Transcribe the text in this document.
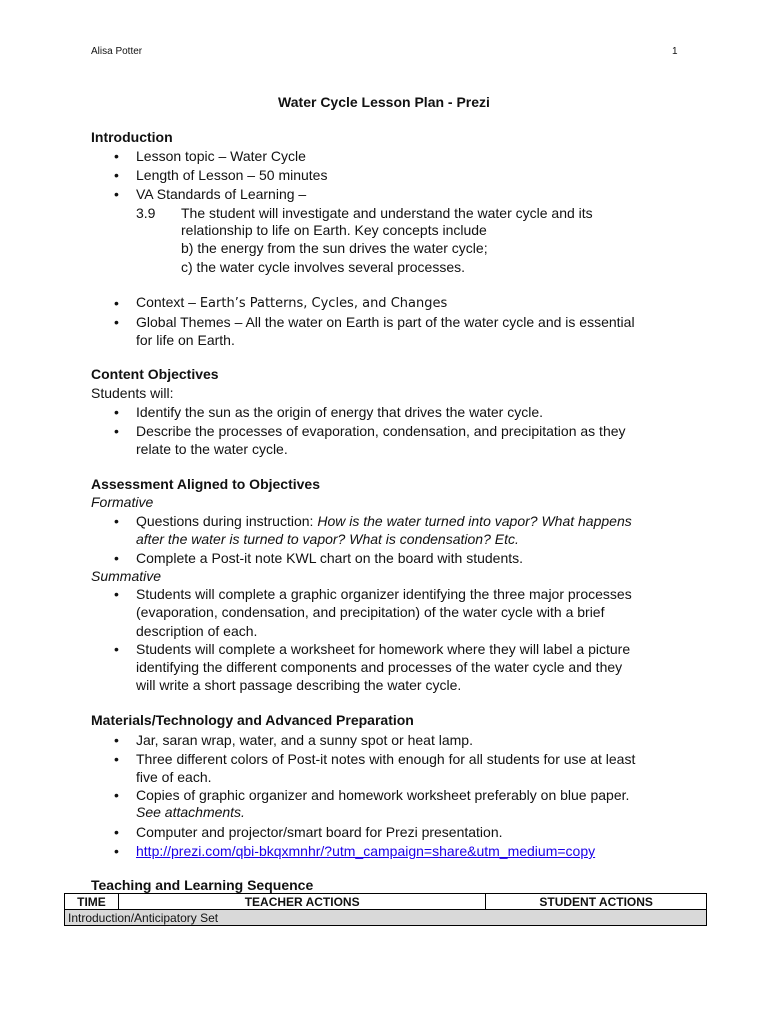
Alisa Potter	1
Water Cycle Lesson Plan - Prezi
Introduction
• Lesson topic – Water Cycle
• Length of Lesson – 50 minutes
• VA Standards of Learning –
3.9 The student will investigate and understand the water cycle and its
relationship to life on Earth. Key concepts include
b) the energy from the sun drives the water cycle;
c) the water cycle involves several processes.
• Context – Earth’s Patterns, Cycles, and Changes
• Global Themes – All the water on Earth is part of the water cycle and is essential
for life on Earth.
Content Objectives
Students will:
• Identify the sun as the origin of energy that drives the water cycle.
• Describe the processes of evaporation, condensation, and precipitation as they
relate to the water cycle.
Assessment Aligned to Objectives
Formative
• Questions during instruction: How is the water turned into vapor? What happens
after the water is turned to vapor? What is condensation? Etc.
• Complete a Post-it note KWL chart on the board with students.
Summative
• Students will complete a graphic organizer identifying the three major processes
(evaporation, condensation, and precipitation) of the water cycle with a brief
description of each.
• Students will complete a worksheet for homework where they will label a picture
identifying the different components and processes of the water cycle and they
will write a short passage describing the water cycle.
Materials/Technology and Advanced Preparation
• Jar, saran wrap, water, and a sunny spot or heat lamp.
• Three different colors of Post-it notes with enough for all students for use at least
five of each.
• Copies of graphic organizer and homework worksheet preferably on blue paper.
See attachments.
• Computer and projector/smart board for Prezi presentation.
• http://prezi.com/qbi-bkqxmnhr/?utm_campaign=share&utm_medium=copy
Teaching and Learning Sequence
TIME	TEACHER ACTIONS	STUDENT ACTIONS
Introduction/Anticipatory Set
